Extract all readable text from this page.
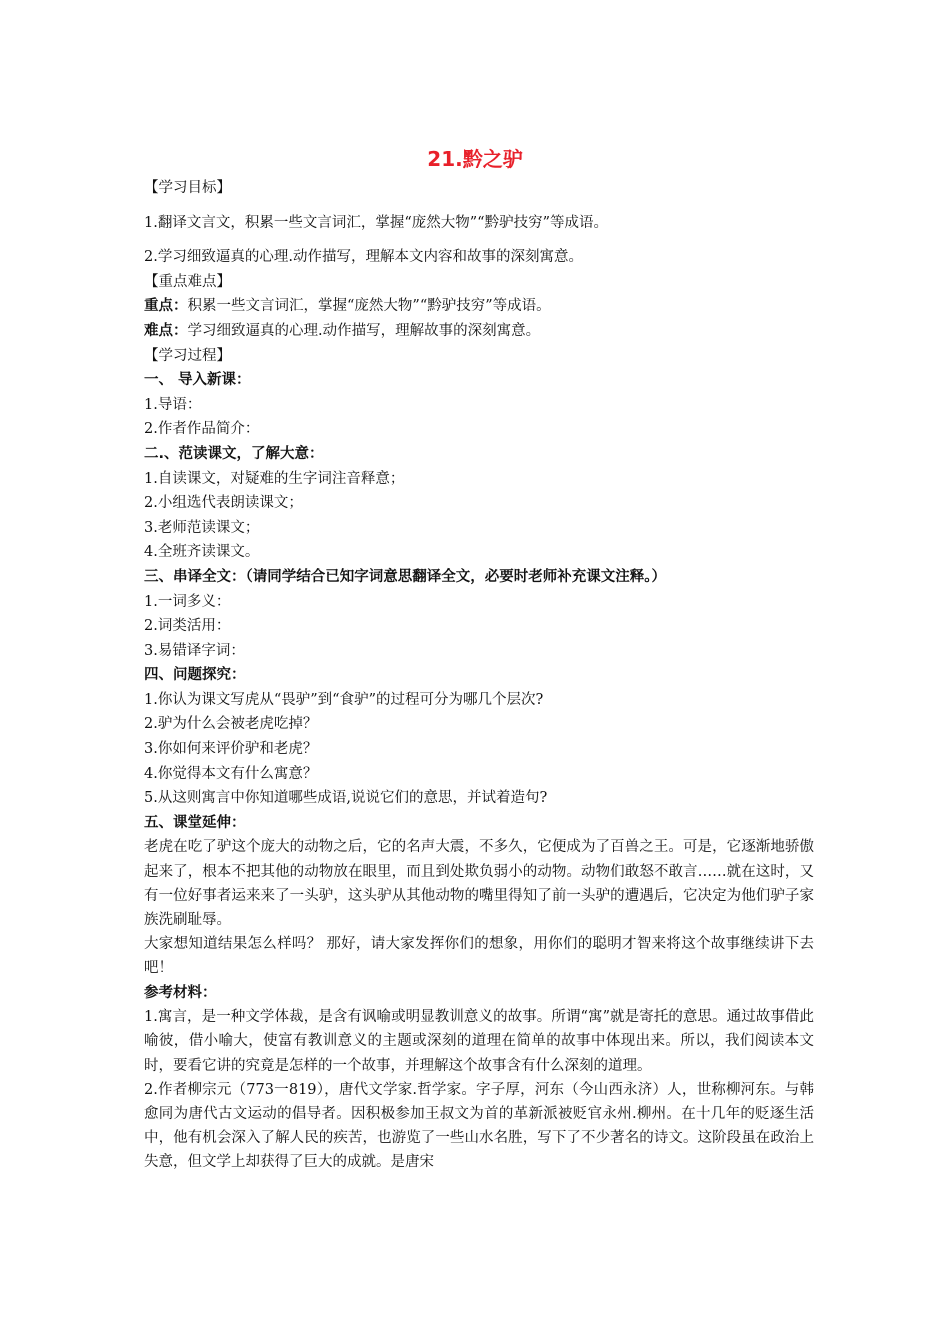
21.黔之驴
【学习目标】
1.翻译文言文，积累一些文言词汇，掌握“庞然大物”“黔驴技穷”等成语。
2.学习细致逼真的心理.动作描写，理解本文内容和故事的深刻寓意。
【重点难点】
重点：积累一些文言词汇，掌握“庞然大物”“黔驴技穷”等成语。
难点：学习细致逼真的心理.动作描写，理解故事的深刻寓意。
【学习过程】
一、 导入新课：
1.导语：
2.作者作品简介：
二.、范读课文，了解大意：
1.自读课文，对疑难的生字词注音释意；
2.小组选代表朗读课文；
3.老师范读课文；
4.全班齐读课文。
三、串译全文：（请同学结合已知字词意思翻译全文，必要时老师补充课文注释。）
1.一词多义：
2.词类活用：
3.易错译字词：
四、问题探究：
1.你认为课文写虎从“畏驴”到“食驴”的过程可分为哪几个层次?
2.驴为什么会被老虎吃掉？
3.你如何来评价驴和老虎？
4.你觉得本文有什么寓意？
5.从这则寓言中你知道哪些成语,说说它们的意思，并试着造句?
五、课堂延伸：
老虎在吃了驴这个庞大的动物之后，它的名声大震，不多久，它便成为了百兽之王。可是，它逐渐地骄傲起来了，根本不把其他的动物放在眼里，而且到处欺负弱小的动物。动物们敢怒不敢言……就在这时，又有一位好事者运来来了一头驴，这头驴从其他动物的嘴里得知了前一头驴的遭遇后，它决定为他们驴子家族洗刷耻辱。
大家想知道结果怎么样吗？ 那好，请大家发挥你们的想象，用你们的聪明才智来将这个故事继续讲下去吧！
参考材料：
1.寓言，是一种文学体裁，是含有讽喻或明显教训意义的故事。所谓“寓”就是寄托的意思。通过故事借此喻彼，借小喻大，使富有教训意义的主题或深刻的道理在简单的故事中体现出来。所以，我们阅读本文时，要看它讲的究竟是怎样的一个故事，并理解这个故事含有什么深刻的道理。
2.作者柳宗元（773一819），唐代文学家.哲学家。字子厚，河东（今山西永济）人，世称柳河东。与韩愈同为唐代古文运动的倡导者。因积极参加王叔文为首的革新派被贬官永州.柳州。在十几年的贬逐生活中，他有机会深入了解人民的疾苦，也游览了一些山水名胜，写下了不少著名的诗文。这阶段虽在政治上失意，但文学上却获得了巨大的成就。是唐宋
